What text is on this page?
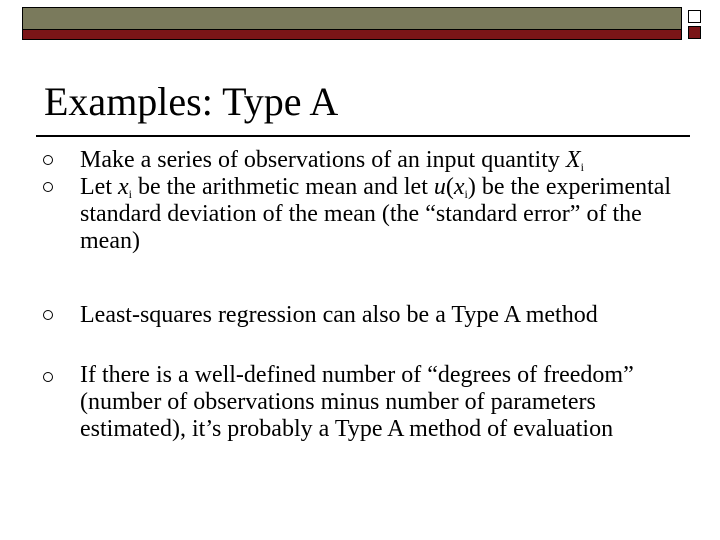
Examples: Type A
Make a series of observations of an input quantity $X_i$
Let $x_i$ be the arithmetic mean and let $u(x_i)$ be the experimental standard deviation of the mean (the “standard error” of the mean)
Least-squares regression can also be a Type A method
If there is a well-defined number of “degrees of freedom” (number of observations minus number of parameters estimated), it’s probably a Type A method of evaluation
